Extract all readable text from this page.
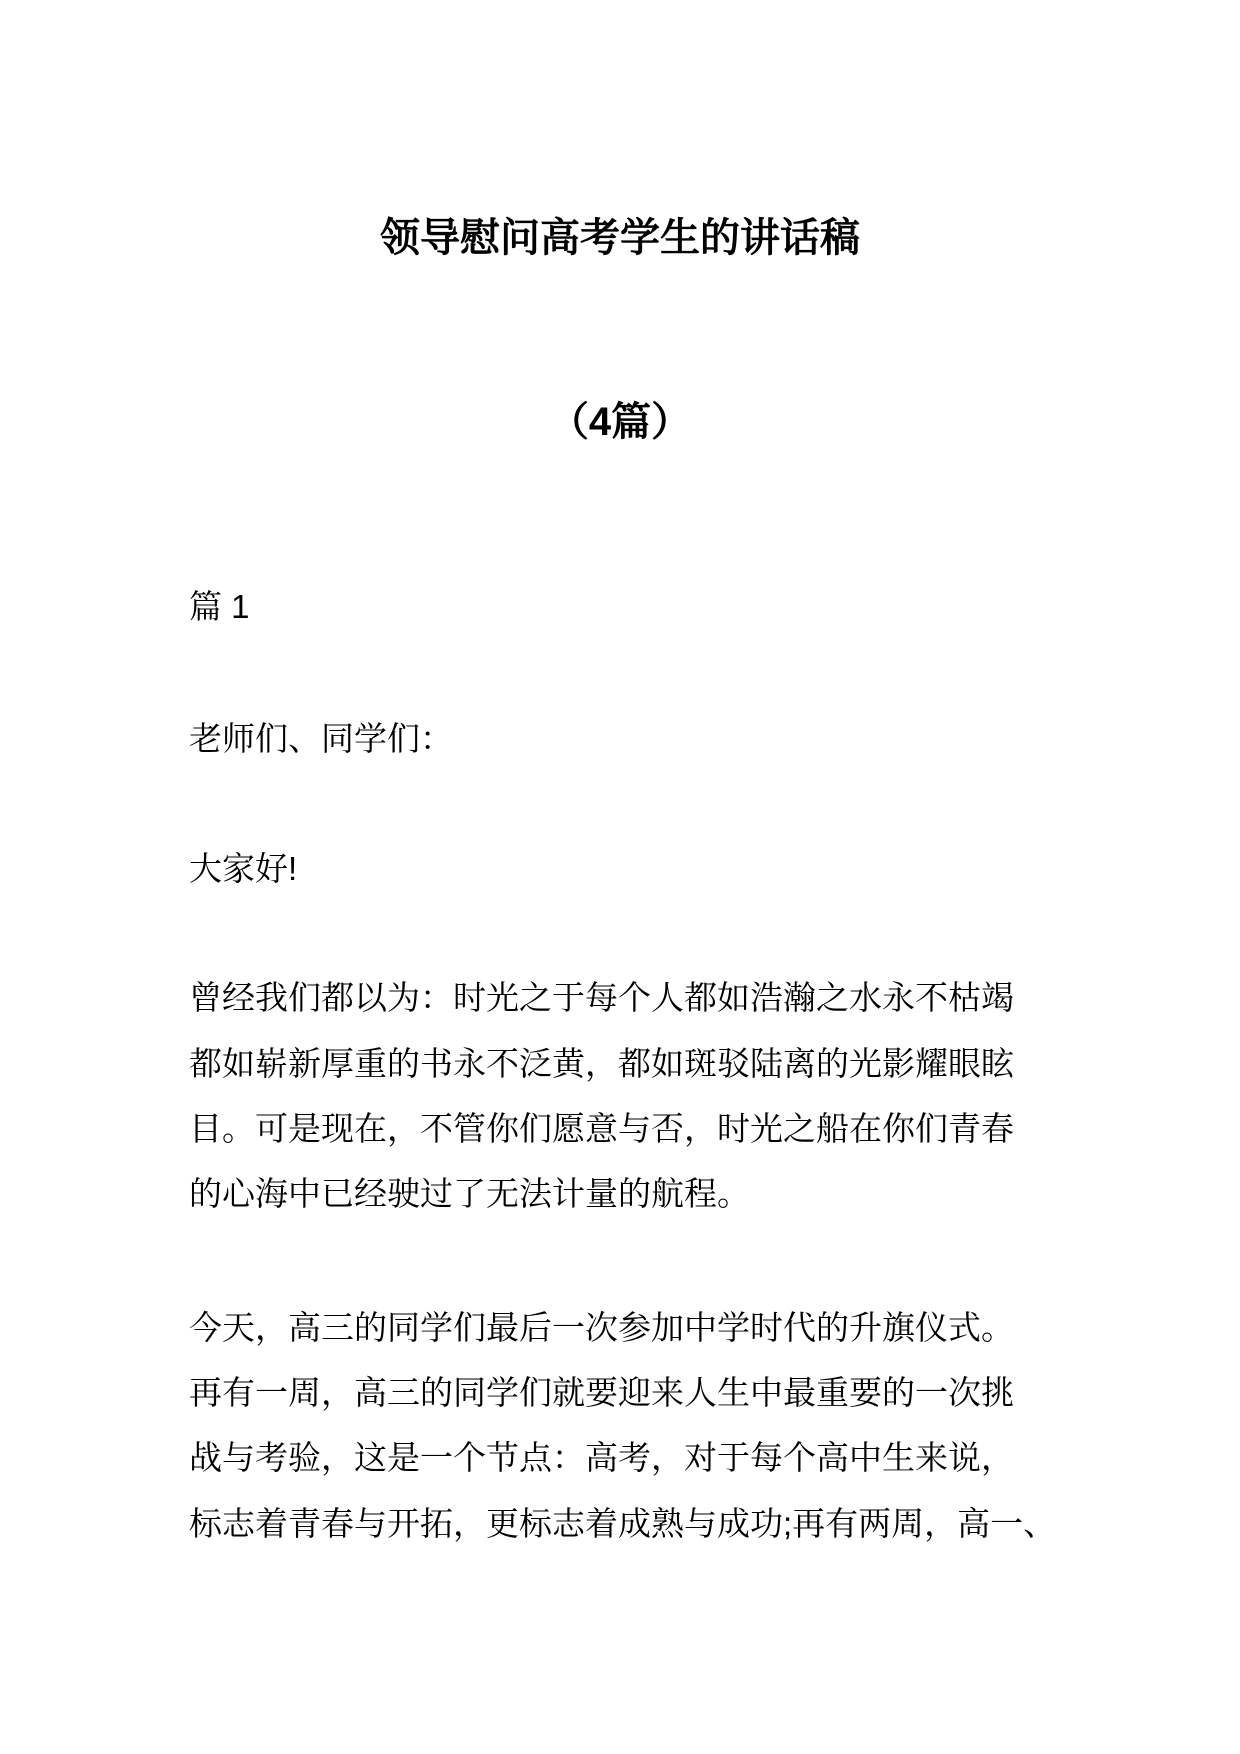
领导慰问高考学生的讲话稿
（4篇）
篇 1
老师们、同学们：
大家好!
曾经我们都以为：时光之于每个人都如浩瀚之水永不枯竭
都如崭新厚重的书永不泛黄，都如斑驳陆离的光影耀眼眩
目。可是现在，不管你们愿意与否，时光之船在你们青春
的心海中已经驶过了无法计量的航程。
今天，高三的同学们最后一次参加中学时代的升旗仪式。
再有一周，高三的同学们就要迎来人生中最重要的一次挑
战与考验，这是一个节点：高考，对于每个高中生来说，
标志着青春与开拓，更标志着成熟与成功;再有两周，高一、
